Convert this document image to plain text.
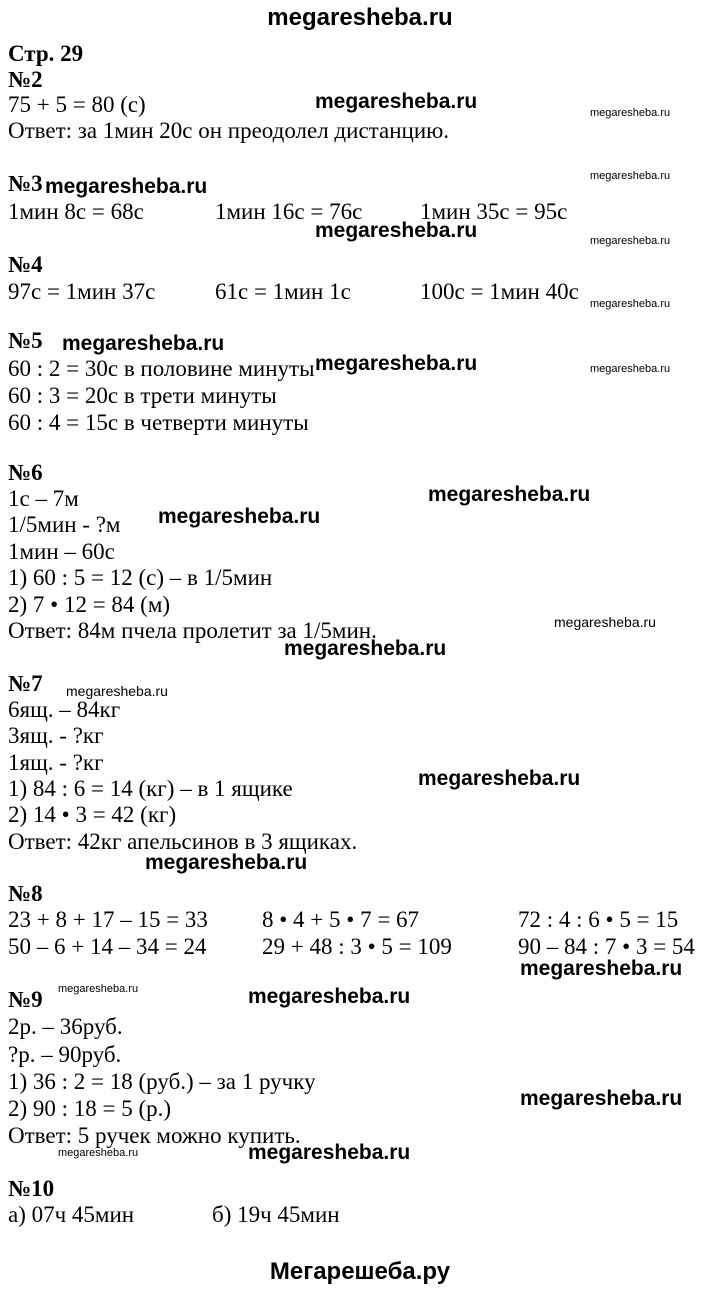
megaresheba.ru
Мегарешеба.ру
Стр. 29
№2
75 + 5 = 80 (с)
Ответ: за 1мин 20с он преодолел дистанцию.
№3
1мин 8с = 68с	1мин 16с = 76с	1мин 35с = 95с
№4
97с = 1мин 37с	61с = 1мин 1с	100с = 1мин 40с
№5
60 : 2 = 30с в половине минуты
60 : 3 = 20с в трети минуты
60 : 4 = 15с в четверти минуты
№6
1с – 7м
1/5мин - ?м
1мин – 60с
1) 60 : 5 = 12 (с) – в 1/5мин
2) 7 • 12 = 84 (м)
Ответ: 84м пчела пролетит за 1/5мин.
№7
6ящ. – 84кг
3ящ. - ?кг
1ящ. - ?кг
1) 84 : 6 = 14 (кг) – в 1 ящике
2) 14 • 3 = 42 (кг)
Ответ: 42кг апельсинов в 3 ящиках.
№8
23 + 8 + 17 – 15 = 33 8 • 4 + 5 • 7 = 67	72 : 4 : 6 • 5 = 15
50 – 6 + 14 – 34 = 24 29 + 48 : 3 • 5 = 109	90 – 84 : 7 • 3 = 54
№9
2р. – 36руб.
?р. – 90руб.
1) 36 : 2 = 18 (руб.) – за 1 ручку
2) 90 : 18 = 5 (р.)
Ответ: 5 ручек можно купить.
№10
а) 07ч 45мин	б) 19ч 45мин
megaresheba.ru
megaresheba.ru
megaresheba.ru
megaresheba.ru
megaresheba.ru
megaresheba.ru
megaresheba.ru
megaresheba.ru
megaresheba.ru
megaresheba.ru
megaresheba.ru
megaresheba.ru
megaresheba.ru
megaresheba.ru
megaresheba.ru
megaresheba.ru
megaresheba.ru
megaresheba.ru
megaresheba.ru
megaresheba.ru
megaresheba.ru
megaresheba.ru
megaresheba.ru
